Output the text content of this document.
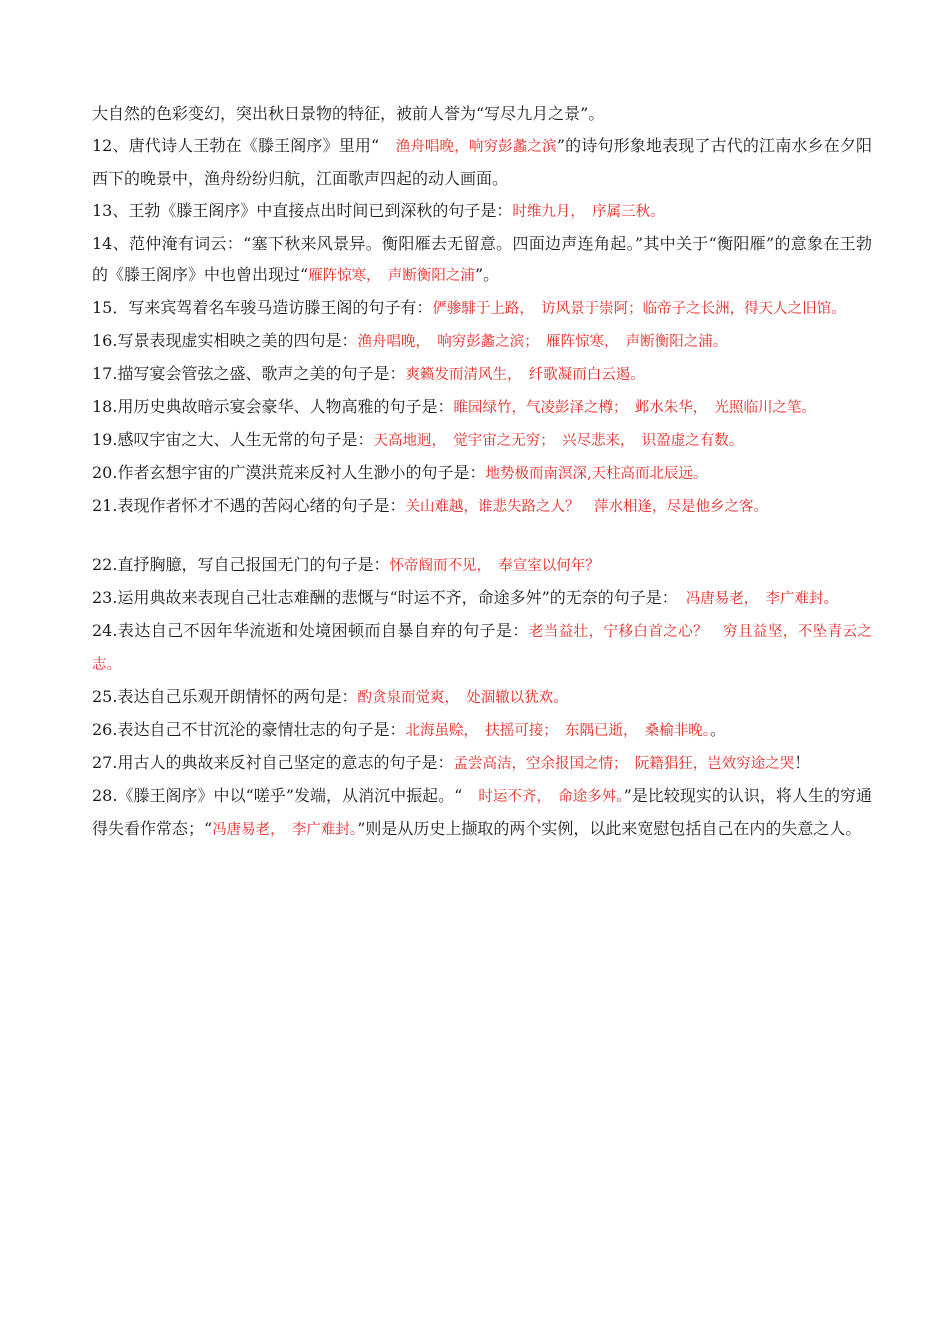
大自然的色彩变幻，突出秋日景物的特征，被前人誉为“写尽九月之景”。

12、唐代诗人王勃在《滕王阁序》里用“　渔舟唱晚，响穷彭蠡之滨”的诗句形象地表现了古代的江南水乡在夕阳西下的晚景中，渔舟纷纷归航，江面歌声四起的动人画面。

13、王勃《滕王阁序》中直接点出时间已到深秋的句子是：时维九月，　序属三秋。

14、范仲淹有词云：“塞下秋来风景异。衡阳雁去无留意。四面边声连角起。”其中关于“衡阳雁”的意象在王勃的《滕王阁序》中也曾出现过“雁阵惊寒，　声断衡阳之浦”。

15．写来宾驾着名车骏马造访滕王阁的句子有：俨骖騑于上路，　访风景于崇阿；临帝子之长洲，得天人之旧馆。

16.写景表现虚实相映之美的四句是：渔舟唱晚，　响穷彭蠡之滨；　雁阵惊寒，　声断衡阳之浦。

17.描写宴会管弦之盛、歌声之美的句子是：爽籁发而清风生，　纤歌凝而白云遏。

18.用历史典故暗示宴会豪华、人物高雅的句子是：睢园绿竹，气凌彭泽之樽；　邺水朱华，　光照临川之笔。

19.感叹宇宙之大、人生无常的句子是：天高地迥，　觉宇宙之无穷；　兴尽悲来，　识盈虚之有数。

20.作者玄想宇宙的广漠洪荒来反衬人生渺小的句子是：地势极而南溟深,天柱高而北辰远。

21.表现作者怀才不遇的苦闷心绪的句子是：关山难越，谁悲失路之人？　萍水相逢，尽是他乡之客。

22.直抒胸臆，写自己报国无门的句子是：怀帝阍而不见，　奉宣室以何年？

23.运用典故来表现自己壮志难酬的悲慨与“时运不齐，命途多舛”的无奈的句子是：　冯唐易老，　李广难封。

24.表达自己不因年华流逝和处境困顿而自暴自弃的句子是：老当益壮，宁移白首之心？　穷且益坚，不坠青云之志。

25.表达自己乐观开朗情怀的两句是：酌贪泉而觉爽，　处涸辙以犹欢。

26.表达自己不甘沉沦的豪情壮志的句子是：北海虽赊，　扶摇可接；　东隅已逝，　桑榆非晚。。

27.用古人的典故来反衬自己坚定的意志的句子是：孟尝高洁，空余报国之情；　阮籍猖狂，岂效穷途之哭！

28.《滕王阁序》中以“嗟乎”发端，从消沉中振起。“　时运不齐，　命途多舛。”是比较现实的认识，将人生的穷通得失看作常态；“冯唐易老，　李广难封。”则是从历史上撷取的两个实例，以此来宽慰包括自己在内的失意之人。
